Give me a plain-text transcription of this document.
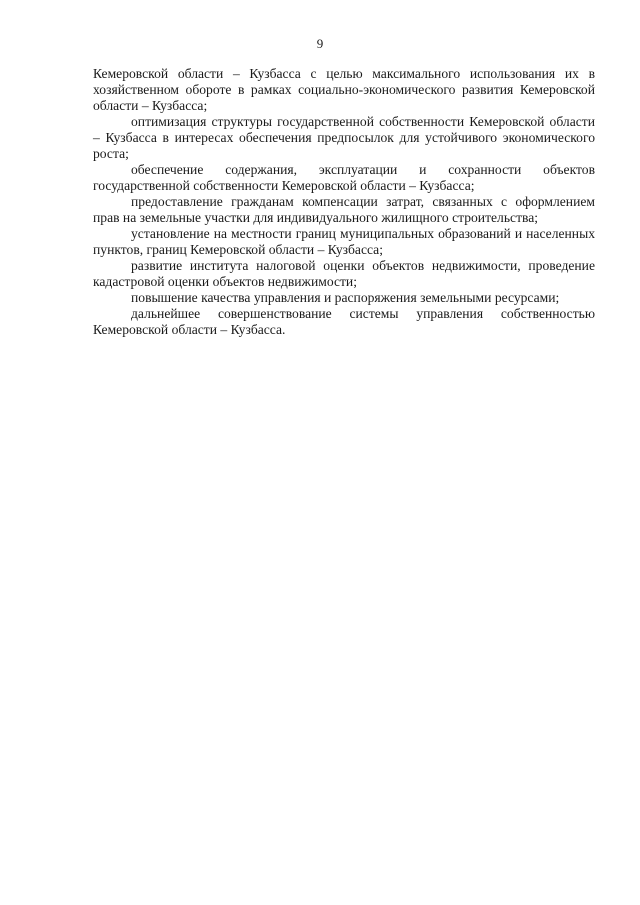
9

Кемеровской области – Кузбасса с целью максимального использования их в хозяйственном обороте в рамках социально-экономического развития Кемеровской области – Кузбасса;

оптимизация структуры государственной собственности Кемеровской области – Кузбасса в интересах обеспечения предпосылок для устойчивого экономического роста;

обеспечение содержания, эксплуатации и сохранности объектов государственной собственности Кемеровской области – Кузбасса;

предоставление гражданам компенсации затрат, связанных с оформлением прав на земельные участки для индивидуального жилищного строительства;

установление на местности границ муниципальных образований и населенных пунктов, границ Кемеровской области – Кузбасса;

развитие института налоговой оценки объектов недвижимости, проведение кадастровой оценки объектов недвижимости;

повышение качества управления и распоряжения земельными ресурсами;

дальнейшее совершенствование системы управления собственностью Кемеровской области – Кузбасса.
